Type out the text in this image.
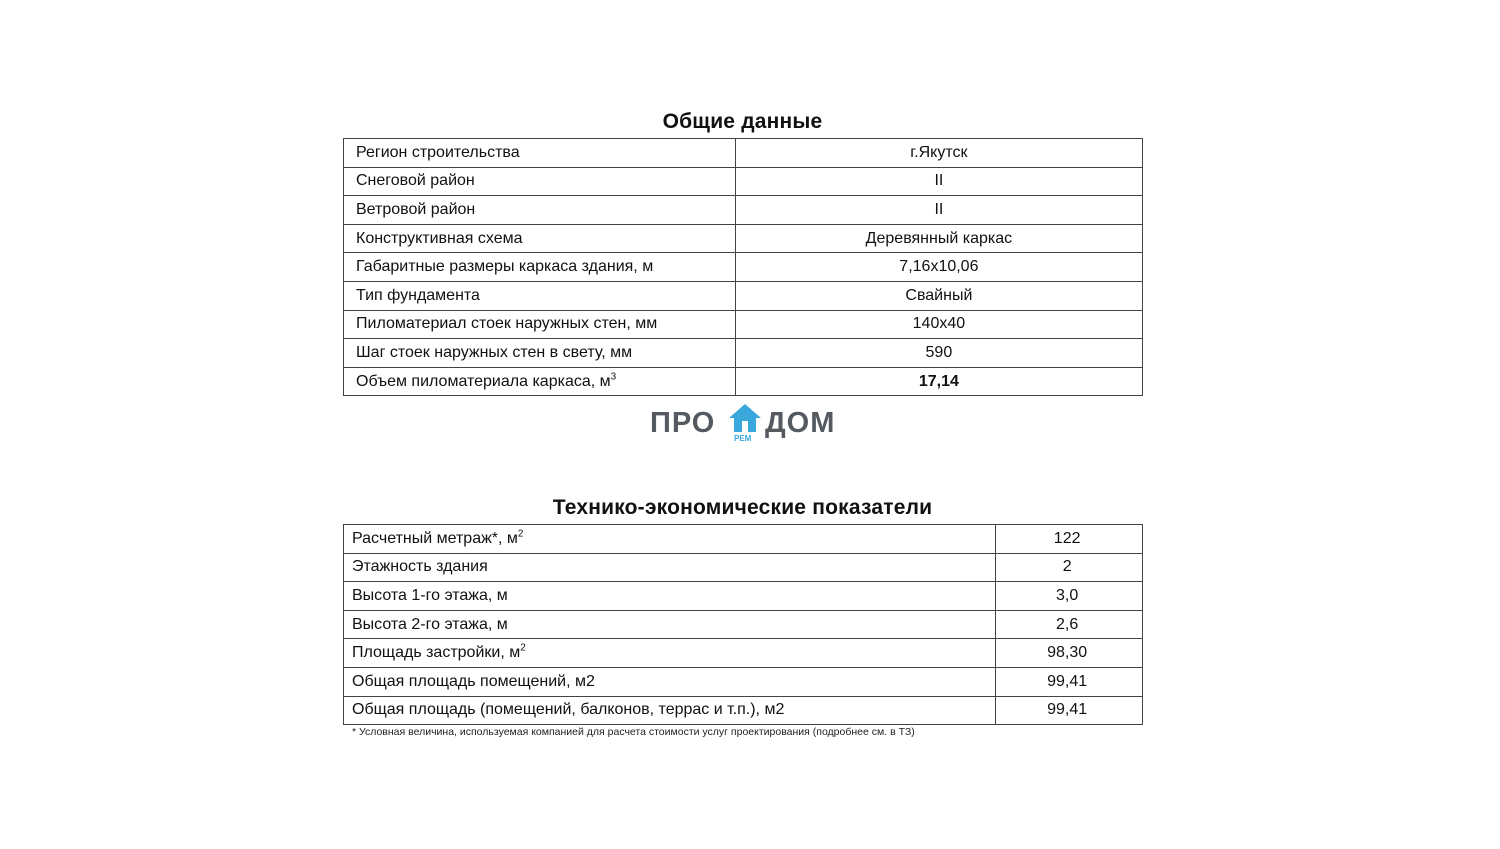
Общие данные
Регион строительства	г.Якутск
Снеговой район	II
Ветровой район	II
Конструктивная схема	Деревянный каркас
Габаритные размеры каркаса здания, м	7,16х10,06
Тип фундамента	Свайный
Пиломатериал стоек наружных стен, мм	140х40
Шаг стоек наружных стен в свету, мм	590
Объем пиломатериала каркаса, $м^3$	17,14
ПРО РЕМ ДОМ
Технико-экономические показатели
Расчетный метраж*, $м^2$	122
Этажность здания	2
Высота 1-го этажа, м	3,0
Высота 2-го этажа, м	2,6
Площадь застройки, $м^2$	98,30
Общая площадь помещений, м2	99,41
Общая площадь (помещений, балконов, террас и т.п.), м2	99,41
* Условная величина, используемая компанией для расчета стоимости услуг проектирования (подробнее см. в ТЗ)
